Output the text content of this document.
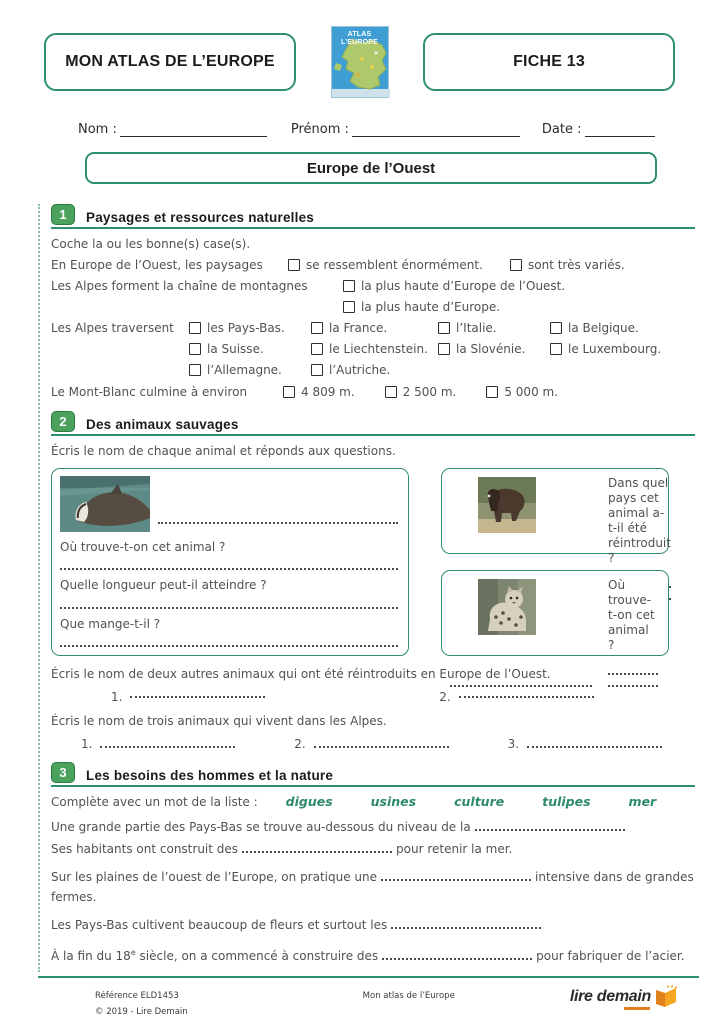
MON ATLAS DE L’EUROPE
ATLAS
L’EUROPE
FICHE 13
Nom :	Prénom :	Date :
Europe de l’Ouest
1	Paysages et ressources naturelles
Coche la ou les bonne(s) case(s).
En Europe de l’Ouest, les paysages	se ressemblent énormément.	sont très variés.
Les Alpes forment la chaîne de montagnes	la plus haute d’Europe de l’Ouest.
la plus haute d’Europe.
Les Alpes traversent	les Pays-Bas.	la France.	l’Italie.	la Belgique.
la Suisse.	le Liechtenstein.	la Slovénie.	le Luxembourg.
l’Allemagne.	l’Autriche.
Le Mont-Blanc culmine à environ	4 809 m.	2 500 m.	5 000 m.
2	Des animaux sauvages
Écris le nom de chaque animal et réponds aux questions.
Dans quel pays cet animal a-t-il été réintroduit ?
Où trouve-t-on cet animal ?
Quelle longueur peut-il atteindre ?
Que mange-t-il ?
Où trouve-t-on cet animal ?
Écris le nom de deux autres animaux qui ont été réintroduits en Europe de l’Ouest.
1.
	2.

Écris le nom de trois animaux qui vivent dans les Alpes.
1.	2.	3.
3	Les besoins des hommes et la nature
Complète avec un mot de la liste : digues	usines	culture	tulipes	mer
Une grande partie des Pays-Bas se trouve au-dessous du niveau de la
Ses habitants ont construit des	pour retenir la mer.
Sur les plaines de l’ouest de l’Europe, on pratique une	intensive dans de grandes fermes.
Les Pays-Bas cultivent beaucoup de fleurs et surtout les
À la fin du 18e siècle, on a commencé à construire des	pour fabriquer de l’acier.
Référence ELD1453
© 2019 - Lire Demain
Mon atlas de l’Europe	lire demain
